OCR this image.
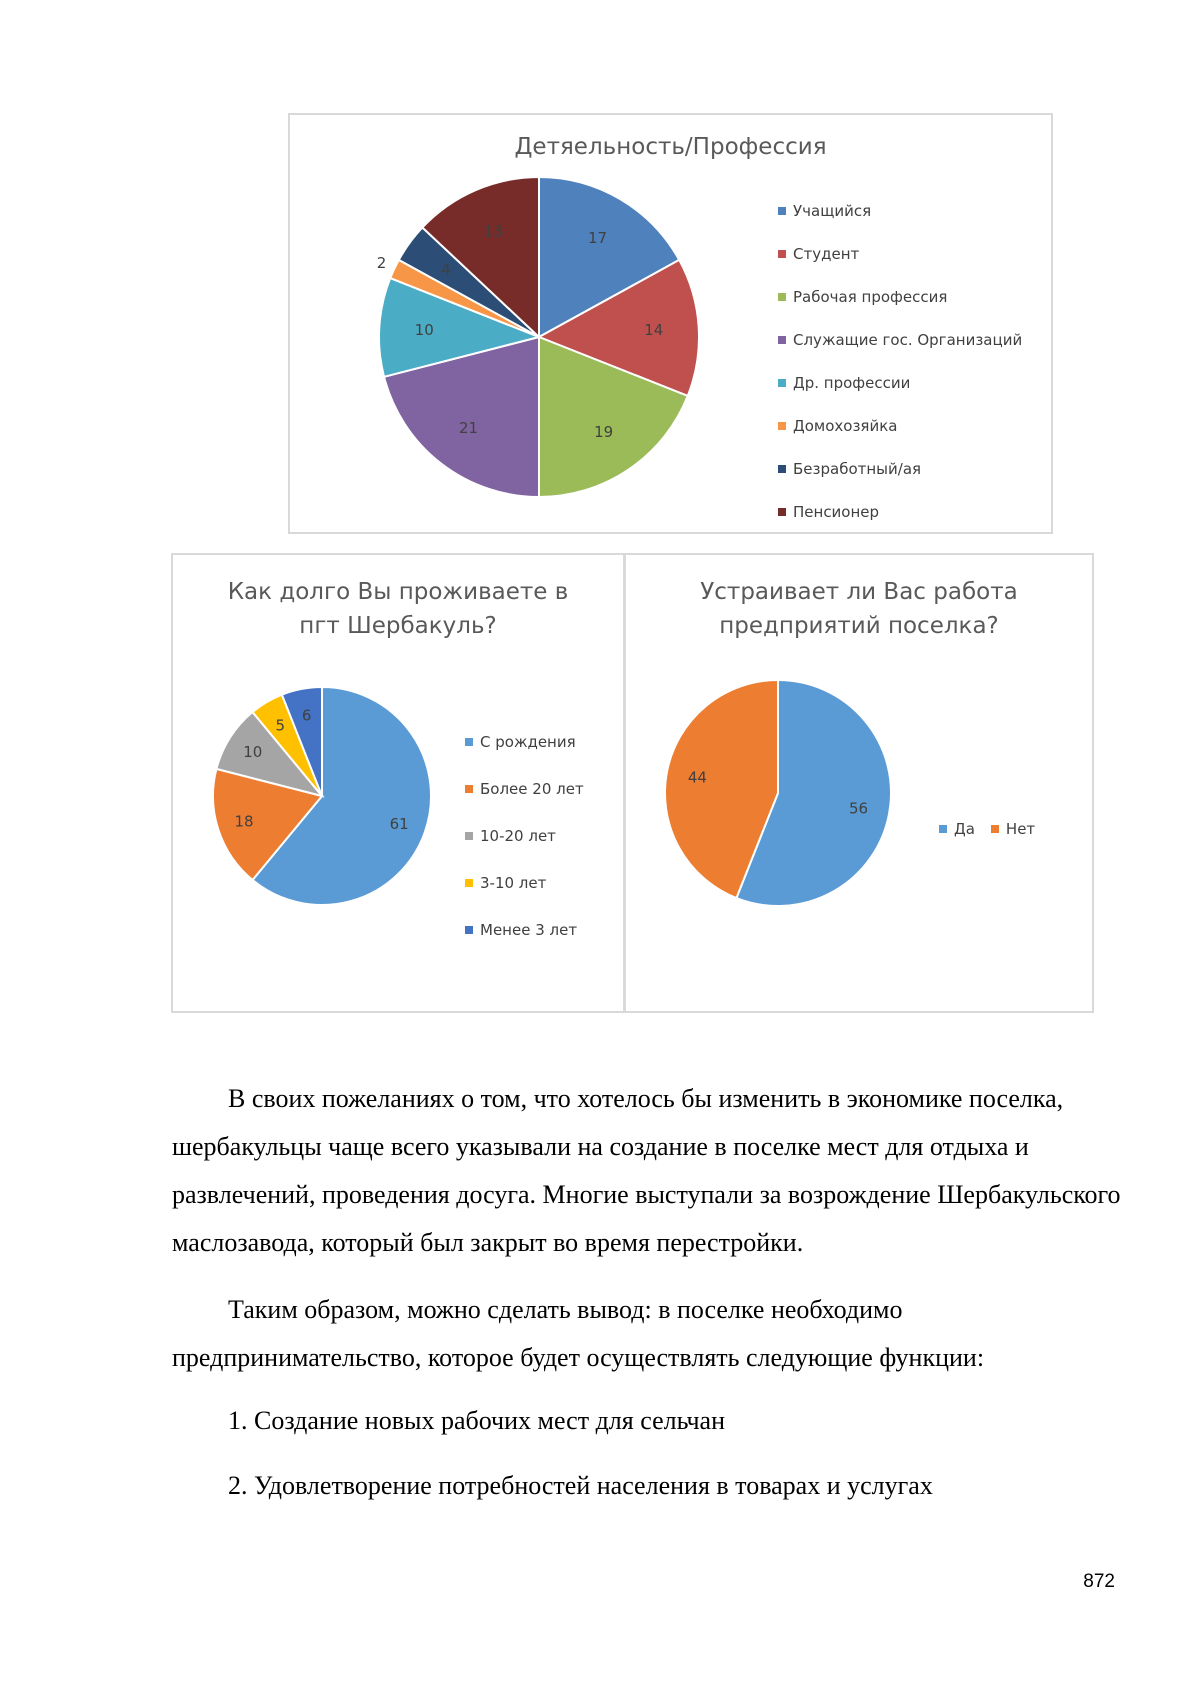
Детяельность/Профессия
17
14
19
21
10
2	4
13
Учащийся
Студент
Рабочая профессия
Служащие гос. Организаций
Др. профессии
Домохозяйка
Безработный/ая
Пенсионер
Как долго Вы проживаете в
пгт Шербакуль?
61
18
10
5
6
С рождения
Более 20 лет
10-20 лет
3-10 лет
Менее 3 лет
Устраивает ли Вас работа
предприятий поселка?
56
44
Да Нет

В своих пожеланиях о том, что хотелось бы изменить в экономике поселка, шербакульцы чаще всего указывали на создание в поселке мест для отдыха и развлечений, проведения досуга. Многие выступали за возрождение Шербакульского маслозавода, который был закрыт во время перестройки.

Таким образом, можно сделать вывод: в поселке необходимо предпринимательство, которое будет осуществлять следующие функции:

1. Создание новых рабочих мест для сельчан
2. Удовлетворение потребностей населения в товарах и услугах
872
